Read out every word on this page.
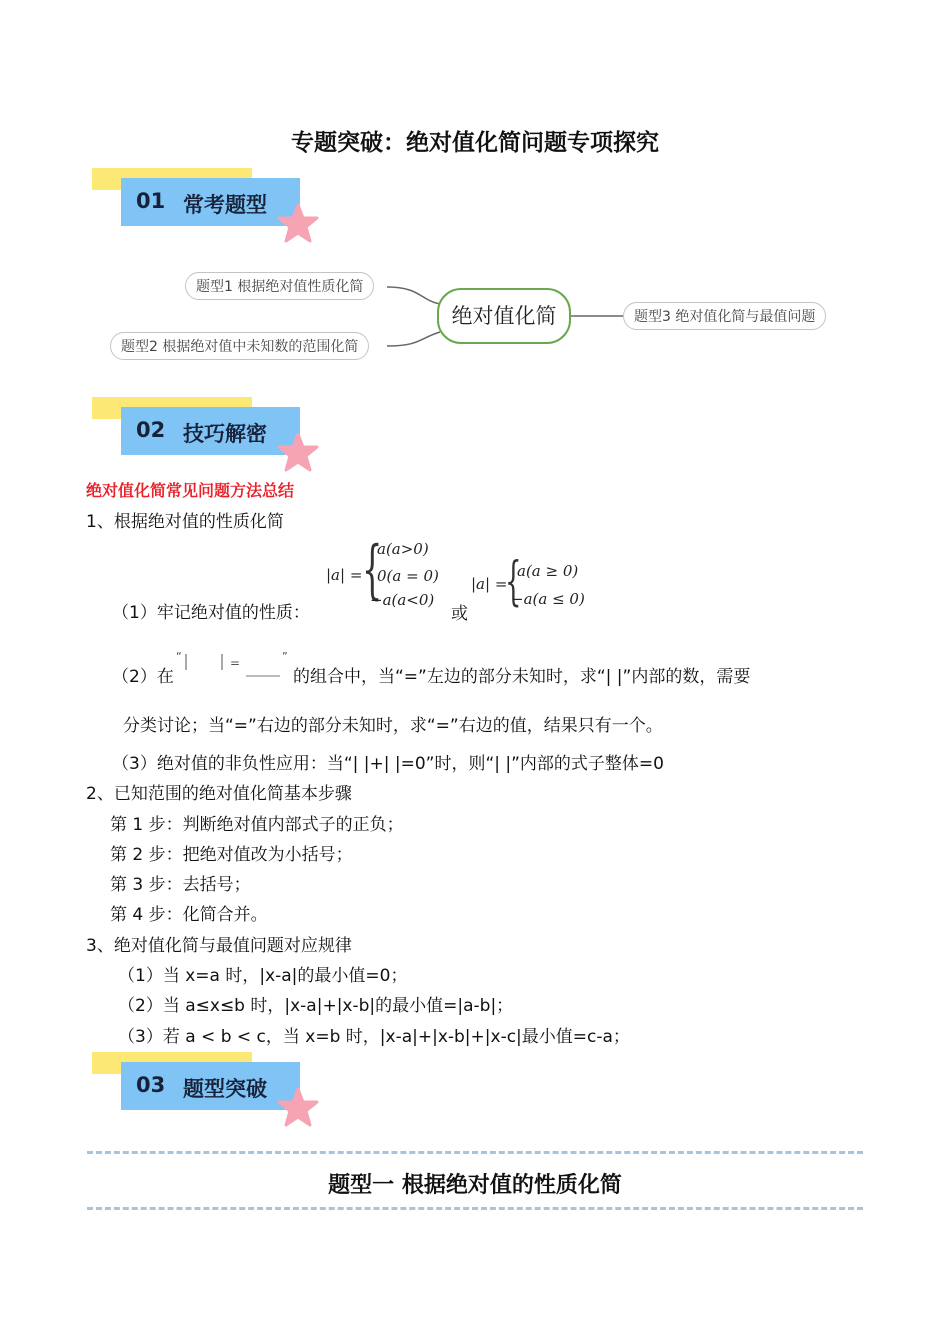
专题突破：绝对值化简问题专项探究
01 常考题型
题型1 根据绝对值性质化简
题型2 根据绝对值中未知数的范围化简
绝对值化简	题型3 绝对值化简与最值问题
02 技巧解密
绝对值化简常见问题方法总结
1、根据绝对值的性质化简
|a| = {
a(a>0)
0(a = 0)
−a(a<0)
（1）牢记绝对值的性质：	或
|a| =
{
a(a ≥ 0)
−a(a ≤ 0)
（2）在
“	=	”
的组合中，当“=”左边的部分未知时，求“| |”内部的数，需要
分类讨论；当“=”右边的部分未知时，求“=”右边的值，结果只有一个。
（3）绝对值的非负性应用：当“| |+| |=0”时，则“| |”内部的式子整体=0
2、已知范围的绝对值化简基本步骤
第 1 步：判断绝对值内部式子的正负；
第 2 步：把绝对值改为小括号；
第 3 步：去括号；
第 4 步：化简合并。
3、绝对值化简与最值问题对应规律
（1）当 x=a 时，|x-a|的最小值=0；
（2）当 a≤x≤b 时，|x-a|+|x-b|的最小值=|a-b|；
（3）若 a < b < c，当 x=b 时，|x-a|+|x-b|+|x-c|最小值=c-a；
03 题型突破
题型一 根据绝对值的性质化简
